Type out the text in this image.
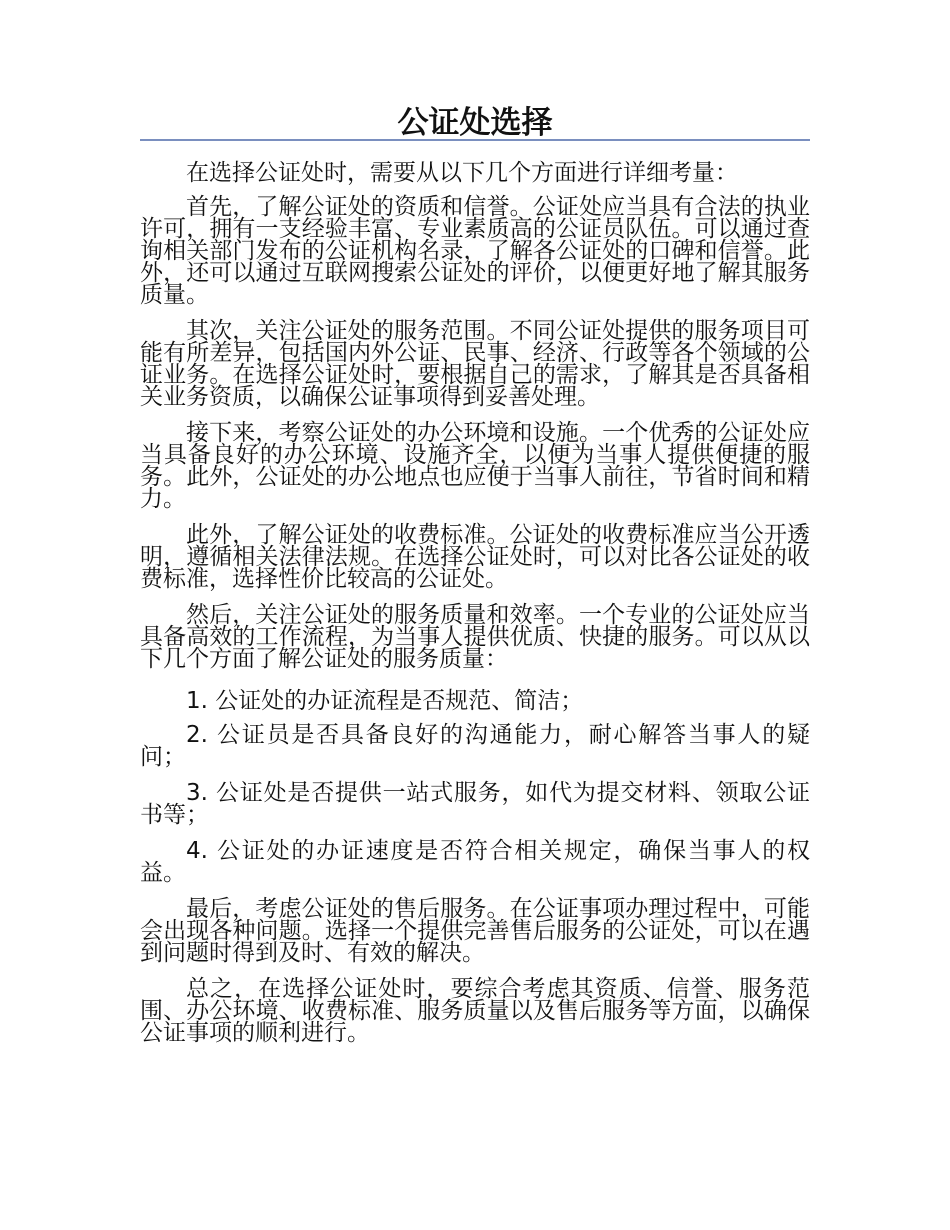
公证处选择

在选择公证处时，需要从以下几个方面进行详细考量：

首先，了解公证处的资质和信誉。公证处应当具有合法的执业许可，拥有一支经验丰富、专业素质高的公证员队伍。可以通过查询相关部门发布的公证机构名录，了解各公证处的口碑和信誉。此外，还可以通过互联网搜索公证处的评价，以便更好地了解其服务质量。

其次，关注公证处的服务范围。不同公证处提供的服务项目可能有所差异，包括国内外公证、民事、经济、行政等各个领域的公证业务。在选择公证处时，要根据自己的需求，了解其是否具备相关业务资质，以确保公证事项得到妥善处理。

接下来，考察公证处的办公环境和设施。一个优秀的公证处应当具备良好的办公环境、设施齐全，以便为当事人提供便捷的服务。此外，公证处的办公地点也应便于当事人前往，节省时间和精力。

此外，了解公证处的收费标准。公证处的收费标准应当公开透明，遵循相关法律法规。在选择公证处时，可以对比各公证处的收费标准，选择性价比较高的公证处。

然后，关注公证处的服务质量和效率。一个专业的公证处应当具备高效的工作流程，为当事人提供优质、快捷的服务。可以从以下几个方面了解公证处的服务质量：

1. 公证处的办证流程是否规范、简洁；

2. 公证员是否具备良好的沟通能力，耐心解答当事人的疑问；

3. 公证处是否提供一站式服务，如代为提交材料、领取公证书等；

4. 公证处的办证速度是否符合相关规定，确保当事人的权益。

最后，考虑公证处的售后服务。在公证事项办理过程中，可能会出现各种问题。选择一个提供完善售后服务的公证处，可以在遇到问题时得到及时、有效的解决。

总之，在选择公证处时，要综合考虑其资质、信誉、服务范围、办公环境、收费标准、服务质量以及售后服务等方面，以确保公证事项的顺利进行。
